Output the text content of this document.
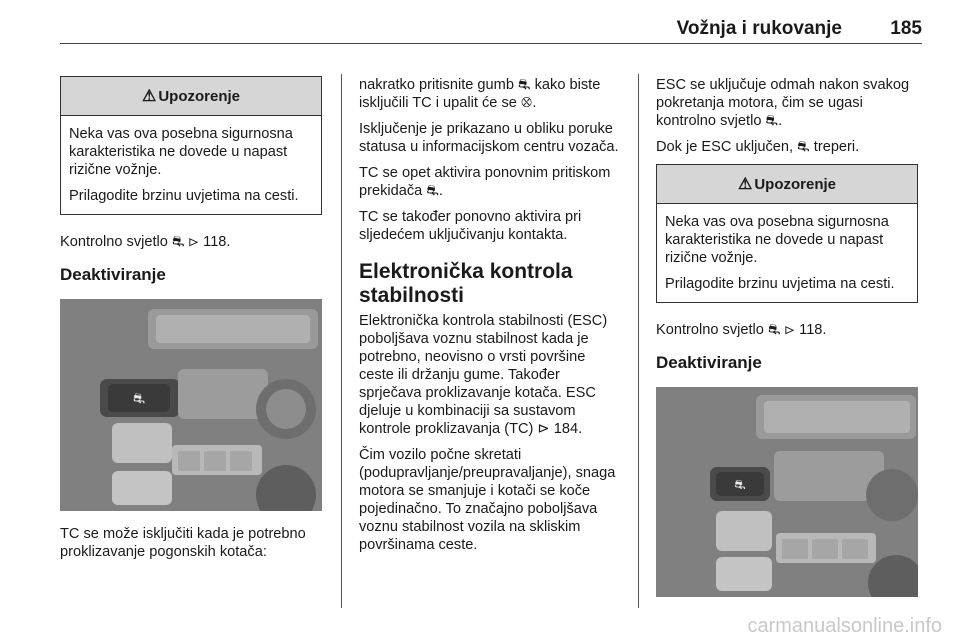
Vožnja i rukovanje	185
⚠ Upozorenje

Neka vas ova posebna sigurnosna karakteristika ne dovede u napast rizične vožnje.

Prilagodite brzinu uvjetima na cesti.

Kontrolno svjetlo ⛐ ⊳ 118.

Deaktiviranje
⛐

TC se može isključiti kada je potrebno proklizavanje pogonskih kotača:

nakratko pritisnite gumb ⛐ kako biste isključili TC i upalit će se ⛒.

Isključenje je prikazano u obliku poruke statusa u informacijskom centru vozača.

TC se opet aktivira ponovnim pritiskom prekidača ⛐.

TC se također ponovno aktivira pri sljedećem uključivanju kontakta.

Elektronička kontrola stabilnosti

Elektronička kontrola stabilnosti (ESC) poboljšava voznu stabilnost kada je potrebno, neovisno o vrsti površine ceste ili držanju gume. Također sprječava proklizavanje kotača. ESC djeluje u kombinaciji sa sustavom kontrole proklizavanja (TC) ⊳ 184.

Čim vozilo počne skretati (podupravljanje/preupravaljanje), snaga motora se smanjuje i kotači se koče pojedinačno. To značajno poboljšava voznu stabilnost vozila na skliskim površinama ceste.

ESC se uključuje odmah nakon svakog pokretanja motora, čim se ugasi kontrolno svjetlo ⛐.

Dok je ESC uključen, ⛐ treperi.

⚠ Upozorenje

Neka vas ova posebna sigurnosna karakteristika ne dovede u napast rizične vožnje.

Prilagodite brzinu uvjetima na cesti.

Kontrolno svjetlo ⛐ ⊳ 118.

Deaktiviranje
⛐
carmanualsonline.info
